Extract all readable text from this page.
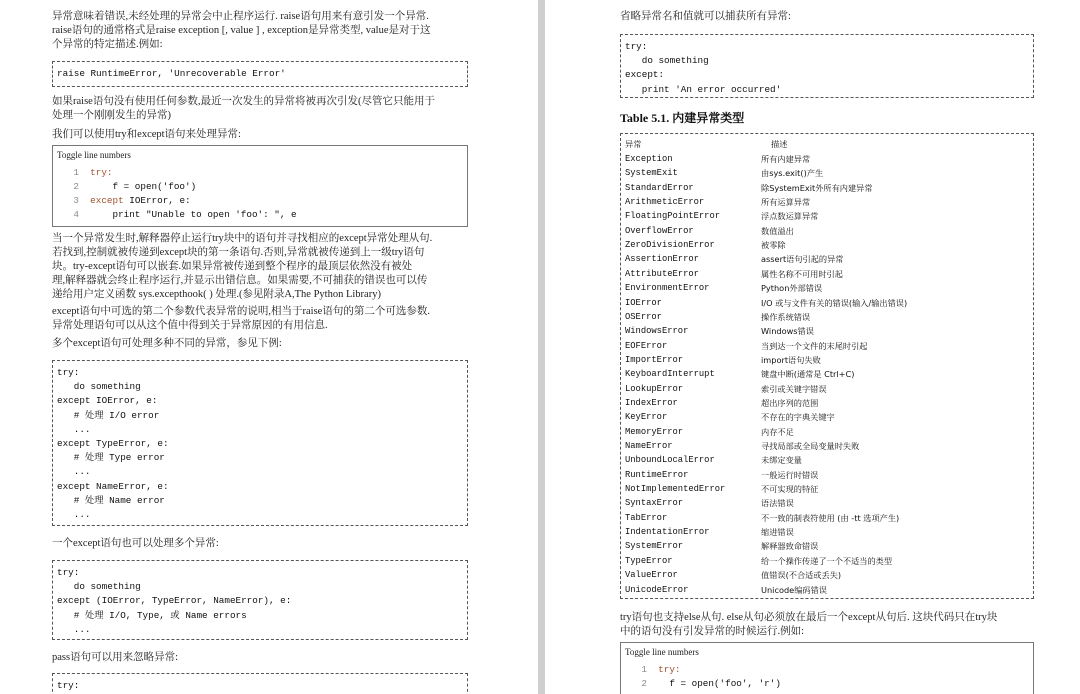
异常意味着错误,未经处理的异常会中止程序运行. raise语句用来有意引发一个异常.
raise语句的通常格式是raise exception [, value ] , exception是异常类型, value是对于这
个异常的特定描述.例如:
raise RuntimeError, 'Unrecoverable Error'
如果raise语句没有使用任何参数,最近一次发生的异常将被再次引发(尽管它只能用于
处理一个刚刚发生的异常)
我们可以使用try和except语句来处理异常:
Toggle line numbers
1 try:
2      f = open('foo')
3 except IOError, e:
4      print "Unable to open 'foo': ", e
当一个异常发生时,解释器停止运行try块中的语句并寻找相应的except异常处理从句.
若找到,控制就被传递到except块的第一条语句.否则,异常就被传递到上一级try语句
块。try-except语句可以嵌套.如果异常被传递到整个程序的最顶层依然没有被处
理,解释器就会终止程序运行,并显示出错信息。如果需要,不可捕获的错误也可以传
递给用户定义函数 sys.excepthook( ) 处理.(参见附录A,The Python Library)
except语句中可选的第二个参数代表异常的说明,相当于raise语句的第二个可选参数.
异常处理语句可以从这个值中得到关于异常原因的有用信息.
多个except语句可处理多种不同的异常，参见下例:
try:
do something
except IOError, e:
# 处理 I/O error
...
except TypeError, e:
# 处理 Type error
...
except NameError, e:
# 处理 Name error
...
一个except语句也可以处理多个异常:
try:
do something
except (IOError, TypeError, NameError), e:
# 处理 I/O, Type, 或 Name errors
...
pass语句可以用来忽略异常:
try:
省略异常名和值就可以捕获所有异常:
try:
do something
except:
print 'An error occurred'
Table 5.1. 内建异常类型
异常	描述
Exception	所有内建异常
SystemExit	由sys.exit()产生
StandardError	除SystemExit外所有内建异常
ArithmeticError	所有运算异常
FloatingPointError	浮点数运算异常
OverflowError	数值溢出
ZeroDivisionError	被零除
AssertionError	assert语句引起的异常
AttributeError	属性名称不可用时引起
EnvironmentError	Python外部错误
IOError	I/O 或与文件有关的错误(输入/输出错误)
OSError	操作系统错误
WindowsError	Windows错误
EOFError	当到达一个文件的末尾时引起
ImportError	import语句失败
KeyboardInterrupt	键盘中断(通常是 Ctrl+C)
LookupError	索引或关键字错误
IndexError	超出序列的范围
KeyError	不存在的字典关键字
MemoryError	内存不足
NameError	寻找局部或全局变量时失败
UnboundLocalError	未绑定变量
RuntimeError	一般运行时错误
NotImplementedError	不可实现的特征
SyntaxError	语法错误
TabError	不一致的制表符使用 (由 -tt 选项产生)
IndentationError	缩进错误
SystemError	解释器致命错误
TypeError	给一个操作传递了一个不适当的类型
ValueError	值错误(不合适或丢失)
UnicodeError	Unicode编码错误
try语句也支持else从句. else从句必须放在最后一个except从句后. 这块代码只在try块
中的语句没有引发异常的时候运行.例如:
Toggle line numbers
1 try:
2    f = open('foo', 'r')
